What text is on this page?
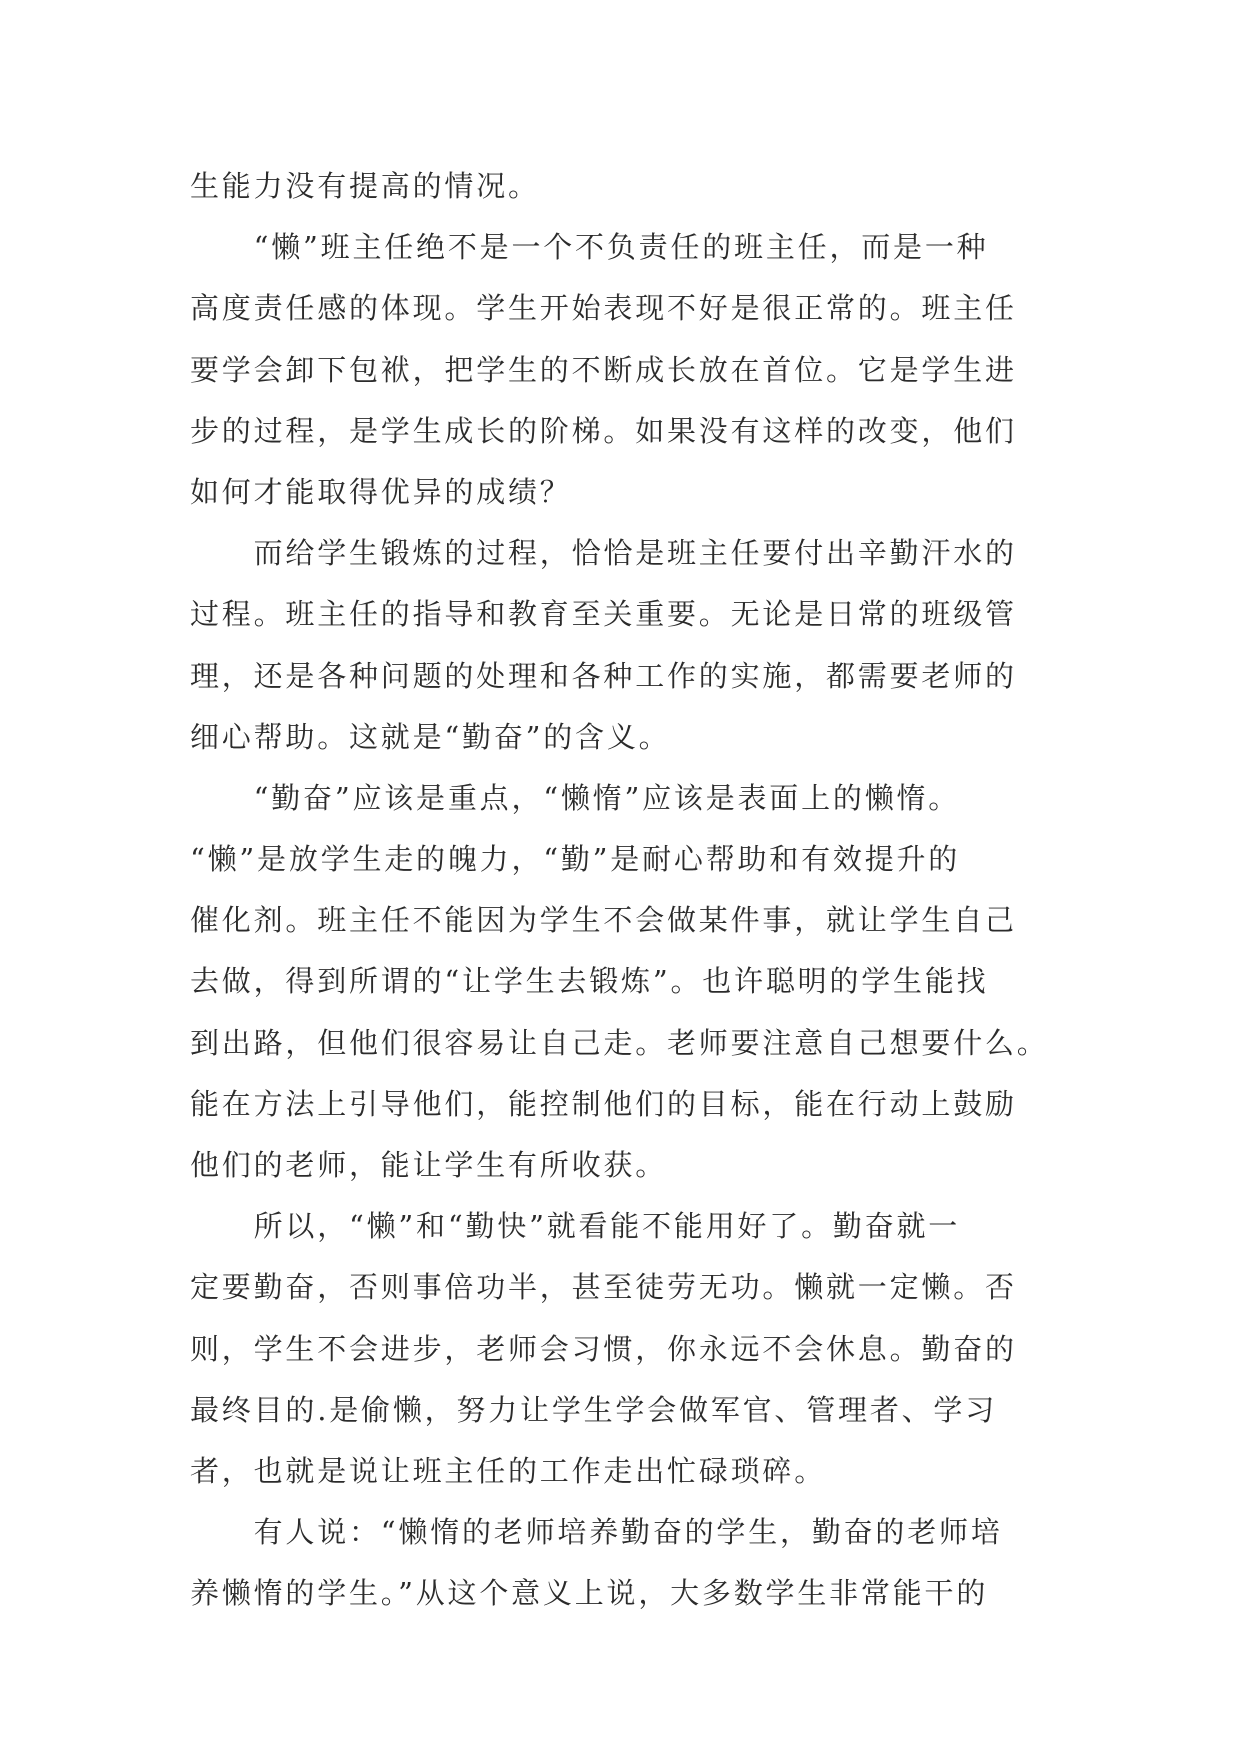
生能力没有提高的情况。
　　“懒”班主任绝不是一个不负责任的班主任，而是一种
高度责任感的体现。学生开始表现不好是很正常的。班主任
要学会卸下包袱，把学生的不断成长放在首位。它是学生进
步的过程，是学生成长的阶梯。如果没有这样的改变，他们
如何才能取得优异的成绩？
　　而给学生锻炼的过程，恰恰是班主任要付出辛勤汗水的
过程。班主任的指导和教育至关重要。无论是日常的班级管
理，还是各种问题的处理和各种工作的实施，都需要老师的
细心帮助。这就是“勤奋”的含义。
　　“勤奋”应该是重点，“懒惰”应该是表面上的懒惰。
“懒”是放学生走的魄力，“勤”是耐心帮助和有效提升的
催化剂。班主任不能因为学生不会做某件事，就让学生自己
去做，得到所谓的“让学生去锻炼”。也许聪明的学生能找
到出路，但他们很容易让自己走。老师要注意自己想要什么。
能在方法上引导他们，能控制他们的目标，能在行动上鼓励
他们的老师，能让学生有所收获。
　　所以，“懒”和“勤快”就看能不能用好了。勤奋就一
定要勤奋，否则事倍功半，甚至徒劳无功。懒就一定懒。否
则，学生不会进步，老师会习惯，你永远不会休息。勤奋的
最终目的.是偷懒，努力让学生学会做军官、管理者、学习
者，也就是说让班主任的工作走出忙碌琐碎。
　　有人说：“懒惰的老师培养勤奋的学生，勤奋的老师培
养懒惰的学生。”从这个意义上说，大多数学生非常能干的
